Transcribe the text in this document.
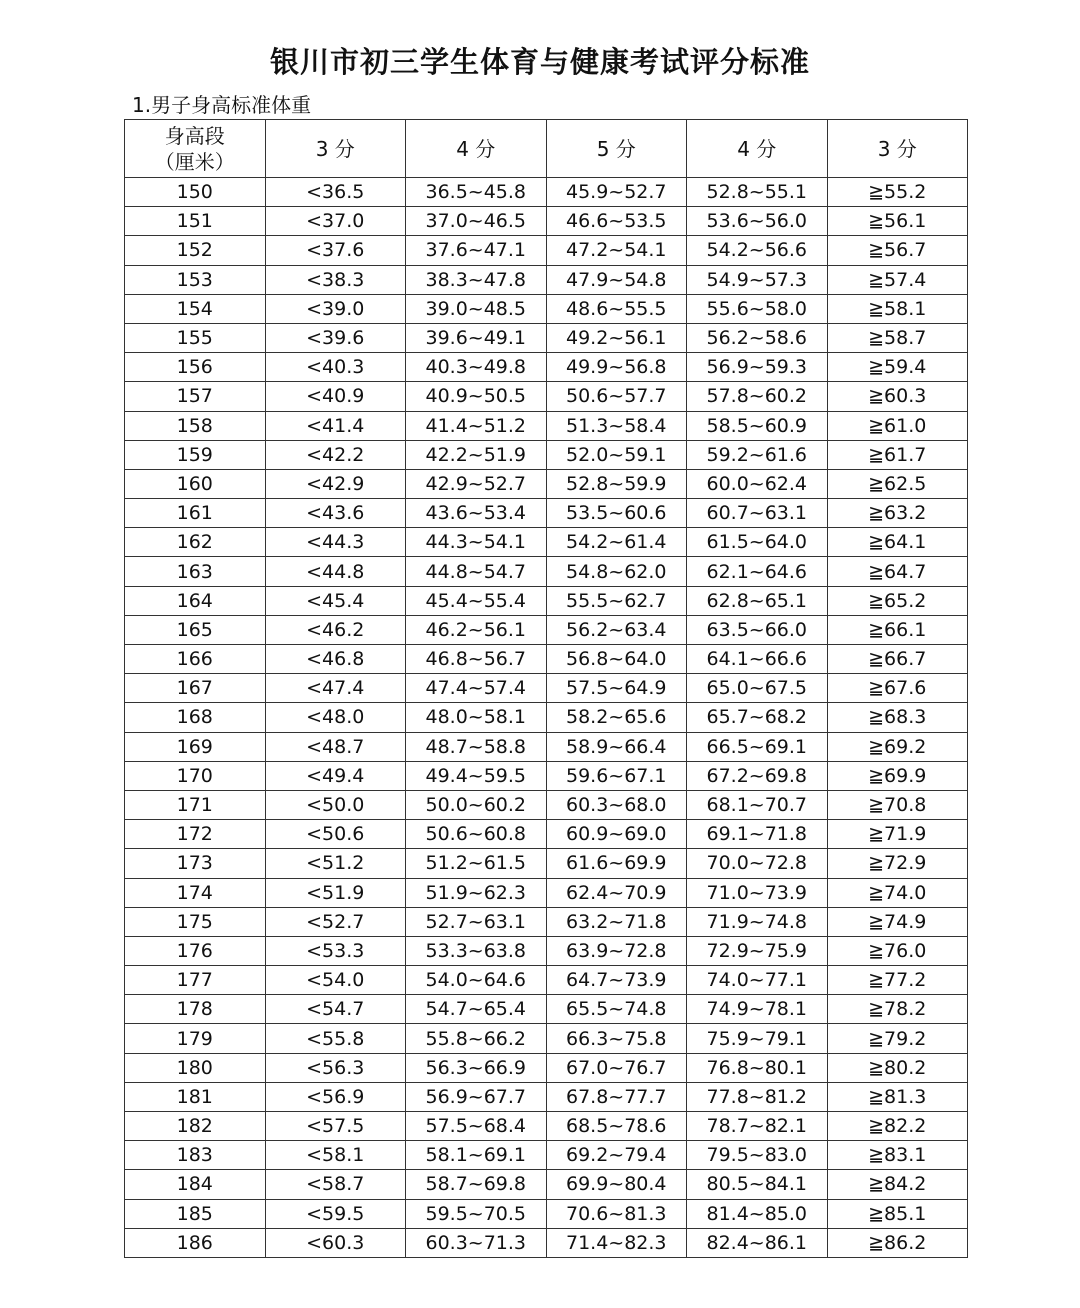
银川市初三学生体育与健康考试评分标准

1.男子身高标准体重

身高段
（厘米）	3 分	4 分	5 分	4 分	3 分
150	<36.5	36.5~45.8	45.9~52.7	52.8~55.1	≧55.2
151	<37.0	37.0~46.5	46.6~53.5	53.6~56.0	≧56.1
152	<37.6	37.6~47.1	47.2~54.1	54.2~56.6	≧56.7
153	<38.3	38.3~47.8	47.9~54.8	54.9~57.3	≧57.4
154	<39.0	39.0~48.5	48.6~55.5	55.6~58.0	≧58.1
155	<39.6	39.6~49.1	49.2~56.1	56.2~58.6	≧58.7
156	<40.3	40.3~49.8	49.9~56.8	56.9~59.3	≧59.4
157	<40.9	40.9~50.5	50.6~57.7	57.8~60.2	≧60.3
158	<41.4	41.4~51.2	51.3~58.4	58.5~60.9	≧61.0
159	<42.2	42.2~51.9	52.0~59.1	59.2~61.6	≧61.7
160	<42.9	42.9~52.7	52.8~59.9	60.0~62.4	≧62.5
161	<43.6	43.6~53.4	53.5~60.6	60.7~63.1	≧63.2
162	<44.3	44.3~54.1	54.2~61.4	61.5~64.0	≧64.1
163	<44.8	44.8~54.7	54.8~62.0	62.1~64.6	≧64.7
164	<45.4	45.4~55.4	55.5~62.7	62.8~65.1	≧65.2
165	<46.2	46.2~56.1	56.2~63.4	63.5~66.0	≧66.1
166	<46.8	46.8~56.7	56.8~64.0	64.1~66.6	≧66.7
167	<47.4	47.4~57.4	57.5~64.9	65.0~67.5	≧67.6
168	<48.0	48.0~58.1	58.2~65.6	65.7~68.2	≧68.3
169	<48.7	48.7~58.8	58.9~66.4	66.5~69.1	≧69.2
170	<49.4	49.4~59.5	59.6~67.1	67.2~69.8	≧69.9
171	<50.0	50.0~60.2	60.3~68.0	68.1~70.7	≧70.8
172	<50.6	50.6~60.8	60.9~69.0	69.1~71.8	≧71.9
173	<51.2	51.2~61.5	61.6~69.9	70.0~72.8	≧72.9
174	<51.9	51.9~62.3	62.4~70.9	71.0~73.9	≧74.0
175	<52.7	52.7~63.1	63.2~71.8	71.9~74.8	≧74.9
176	<53.3	53.3~63.8	63.9~72.8	72.9~75.9	≧76.0
177	<54.0	54.0~64.6	64.7~73.9	74.0~77.1	≧77.2
178	<54.7	54.7~65.4	65.5~74.8	74.9~78.1	≧78.2
179	<55.8	55.8~66.2	66.3~75.8	75.9~79.1	≧79.2
180	<56.3	56.3~66.9	67.0~76.7	76.8~80.1	≧80.2
181	<56.9	56.9~67.7	67.8~77.7	77.8~81.2	≧81.3
182	<57.5	57.5~68.4	68.5~78.6	78.7~82.1	≧82.2
183	<58.1	58.1~69.1	69.2~79.4	79.5~83.0	≧83.1
184	<58.7	58.7~69.8	69.9~80.4	80.5~84.1	≧84.2
185	<59.5	59.5~70.5	70.6~81.3	81.4~85.0	≧85.1
186	<60.3	60.3~71.3	71.4~82.3	82.4~86.1	≧86.2
